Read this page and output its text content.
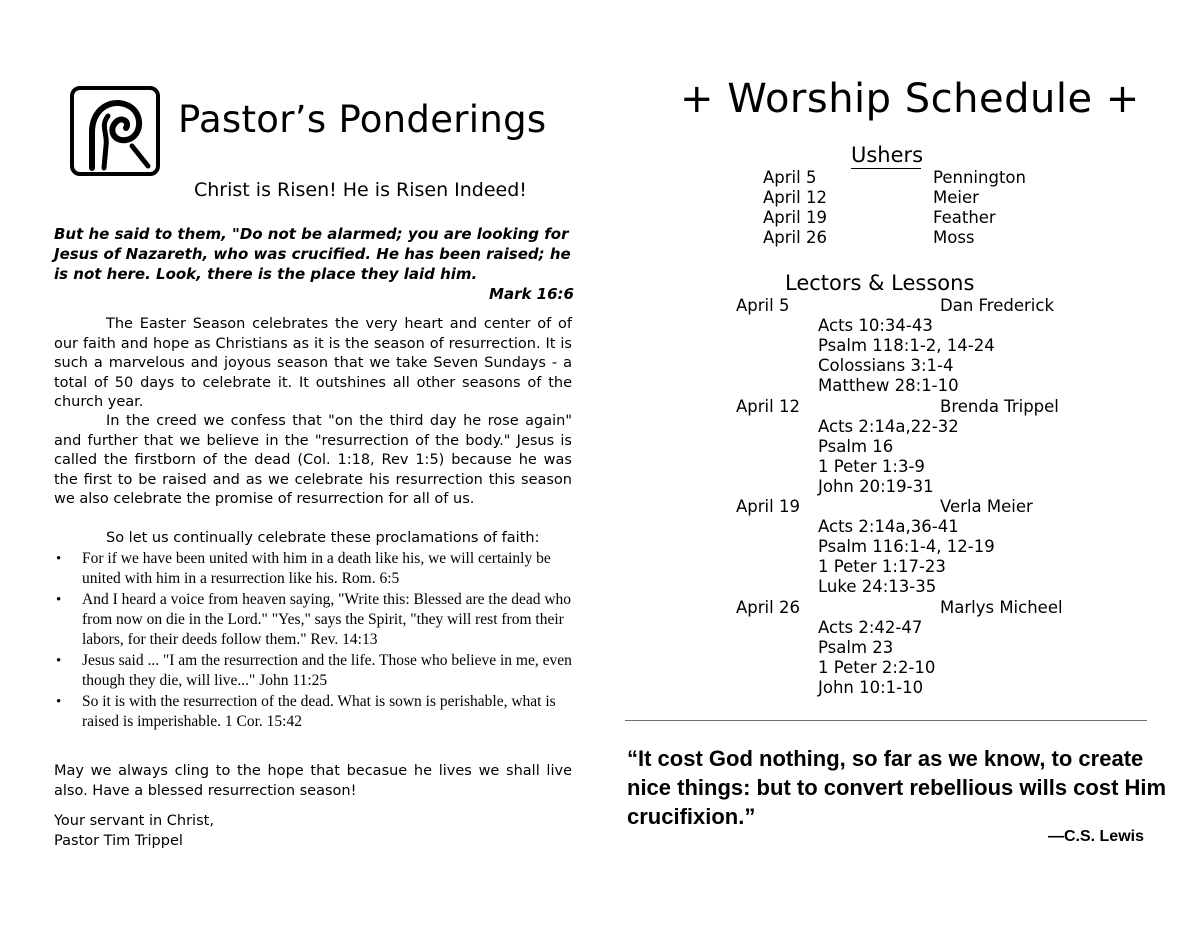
Pastor’s Ponderings
Christ is Risen! He is Risen Indeed!
But he said to them, "Do not be alarmed; you are looking for Jesus of Nazareth, who was crucified. He has been raised; he is not here. Look, there is the place they laid him.
Mark 16:6
The Easter Season celebrates the very heart and center of of our faith and hope as Christians as it is the season of resurrection. It is such a marvelous and joyous season that we take Seven Sundays - a total of 50 days to celebrate it. It outshines all other seasons of the church year.
In the creed we confess that "on the third day he rose again" and further that we believe in the "resurrection of the body." Jesus is called the firstborn of the dead (Col. 1:18, Rev 1:5) because he was the first to be raised and as we celebrate his resurrection this season we also celebrate the promise of resurrection for all of us.
So let us continually celebrate these proclamations of faith:
• For if we have been united with him in a death like his, we will certainly be united with him in a resurrection like his. Rom. 6:5
• And I heard a voice from heaven saying, "Write this: Blessed are the dead who from now on die in the Lord." "Yes," says the Spirit, "they will rest from their labors, for their deeds follow them." Rev. 14:13
• Jesus said ... "I am the resurrection and the life. Those who believe in me, even though they die, will live..." John 11:25
• So it is with the resurrection of the dead. What is sown is perishable, what is raised is imperishable. 1 Cor. 15:42
May we always cling to the hope that becasue he lives we shall live also. Have a blessed resurrection season!
Your servant in Christ,
Pastor Tim Trippel
+ Worship Schedule +
Ushers
April 5	Pennington
April 12	Meier
April 19	Feather
April 26	Moss
Lectors & Lessons
April 5	Dan Frederick
Acts 10:34-43
Psalm 118:1-2, 14-24
Colossians 3:1-4
Matthew 28:1-10
April 12	Brenda Trippel
Acts 2:14a,22-32
Psalm 16
1 Peter 1:3-9
John 20:19-31
April 19	Verla Meier
Acts 2:14a,36-41
Psalm 116:1-4, 12-19
1 Peter 1:17-23
Luke 24:13-35
April 26	Marlys Micheel
Acts 2:42-47
Psalm 23
1 Peter 2:2-10
John 10:1-10
“It cost God nothing, so far as we know, to create nice things: but to convert rebellious wills cost Him crucifixion.”
—C.S. Lewis
